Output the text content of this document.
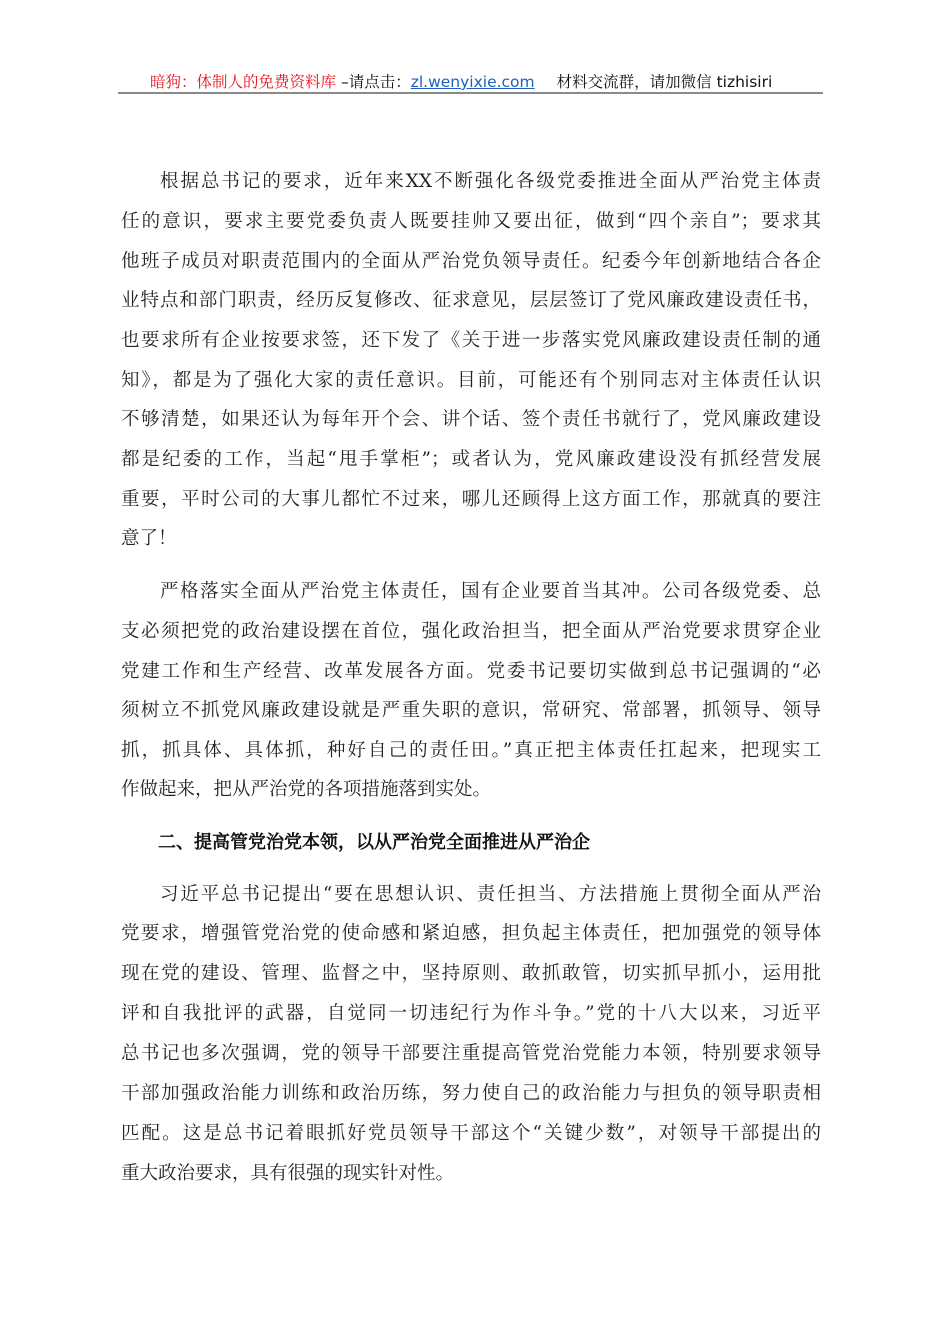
暗狗：体制人的免费资料库 –请点击：zl.wenyixie.com 材料交流群，请加微信 tizhisiri
根据总书记的要求，近年来XX不断强化各级党委推进全面从严治党主体责
任的意识，要求主要党委负责人既要挂帅又要出征，做到“四个亲自”；要求其
他班子成员对职责范围内的全面从严治党负领导责任。纪委今年创新地结合各企
业特点和部门职责，经历反复修改、征求意见，层层签订了党风廉政建设责任书，
也要求所有企业按要求签，还下发了《关于进一步落实党风廉政建设责任制的通
知》，都是为了强化大家的责任意识。目前，可能还有个别同志对主体责任认识
不够清楚，如果还认为每年开个会、讲个话、签个责任书就行了，党风廉政建设
都是纪委的工作，当起“甩手掌柜”；或者认为，党风廉政建设没有抓经营发展
重要，平时公司的大事儿都忙不过来，哪儿还顾得上这方面工作，那就真的要注
意了！
严格落实全面从严治党主体责任，国有企业要首当其冲。公司各级党委、总
支必须把党的政治建设摆在首位，强化政治担当，把全面从严治党要求贯穿企业
党建工作和生产经营、改革发展各方面。党委书记要切实做到总书记强调的“必
须树立不抓党风廉政建设就是严重失职的意识，常研究、常部署，抓领导、领导
抓，抓具体、具体抓，种好自己的责任田。”真正把主体责任扛起来，把现实工
作做起来，把从严治党的各项措施落到实处。
二、提高管党治党本领，以从严治党全面推进从严治企
习近平总书记提出“要在思想认识、责任担当、方法措施上贯彻全面从严治
党要求，增强管党治党的使命感和紧迫感，担负起主体责任，把加强党的领导体
现在党的建设、管理、监督之中，坚持原则、敢抓敢管，切实抓早抓小，运用批
评和自我批评的武器，自觉同一切违纪行为作斗争。”党的十八大以来，习近平
总书记也多次强调，党的领导干部要注重提高管党治党能力本领，特别要求领导
干部加强政治能力训练和政治历练，努力使自己的政治能力与担负的领导职责相
匹配。这是总书记着眼抓好党员领导干部这个“关键少数”，对领导干部提出的
重大政治要求，具有很强的现实针对性。
